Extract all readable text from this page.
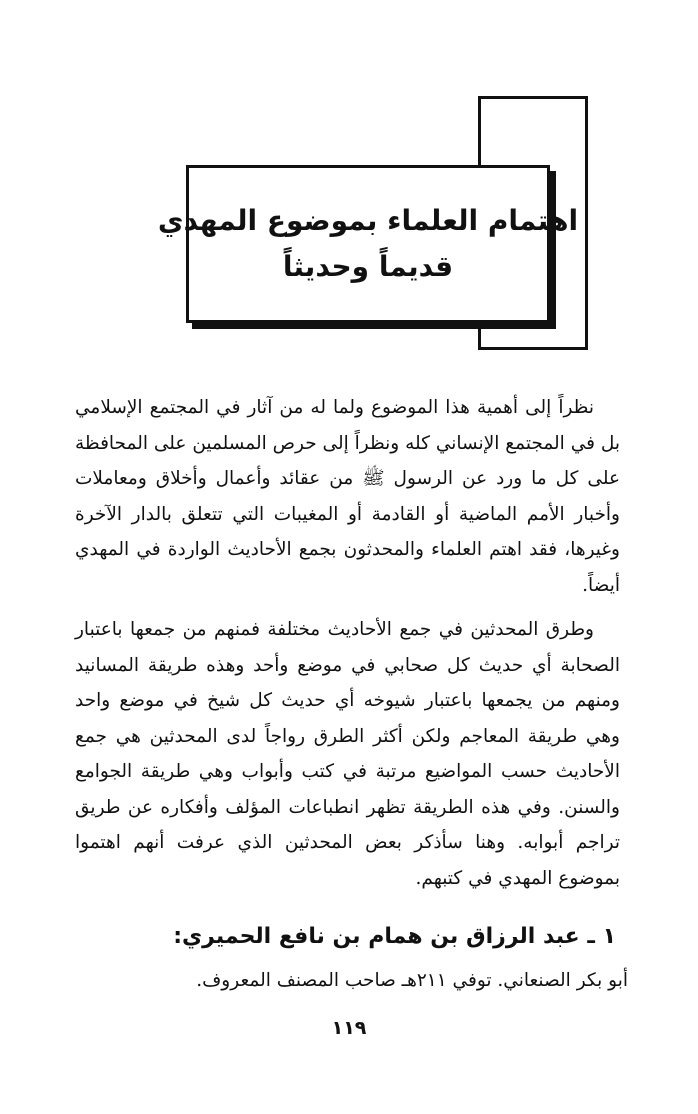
اهتمام العلماء بموضوع المهدي
قديماً وحديثاً

نظراً إلى أهمية هذا الموضوع ولما له من آثار في المجتمع الإسلامي بل في المجتمع الإنساني كله ونظراً إلى حرص المسلمين على المحافظة على كل ما ورد عن الرسول ﷺ من عقائد وأعمال وأخلاق ومعاملات وأخبار الأمم الماضية أو القادمة أو المغيبات التي تتعلق بالدار الآخرة وغيرها، فقد اهتم العلماء والمحدثون بجمع الأحاديث الواردة في المهدي أيضاً.

وطرق المحدثين في جمع الأحاديث مختلفة فمنهم من جمعها باعتبار الصحابة أي حديث كل صحابي في موضع وأحد وهذه طريقة المسانيد ومنهم من يجمعها باعتبار شيوخه أي حديث كل شيخ في موضع واحد وهي طريقة المعاجم ولكن أكثر الطرق رواجاً لدى المحدثين هي جمع الأحاديث حسب المواضيع مرتبة في كتب وأبواب وهي طريقة الجوامع والسنن. وفي هذه الطريقة تظهر انطباعات المؤلف وأفكاره عن طريق تراجم أبوابه. وهنا سأذكر بعض المحدثين الذي عرفت أنهم اهتموا بموضوع المهدي في كتبهم.

١ ـ عبد الرزاق بن همام بن نافع الحميري:

أبو بكر الصنعاني. توفي ٢١١هـ صاحب المصنف المعروف.

١١٩
